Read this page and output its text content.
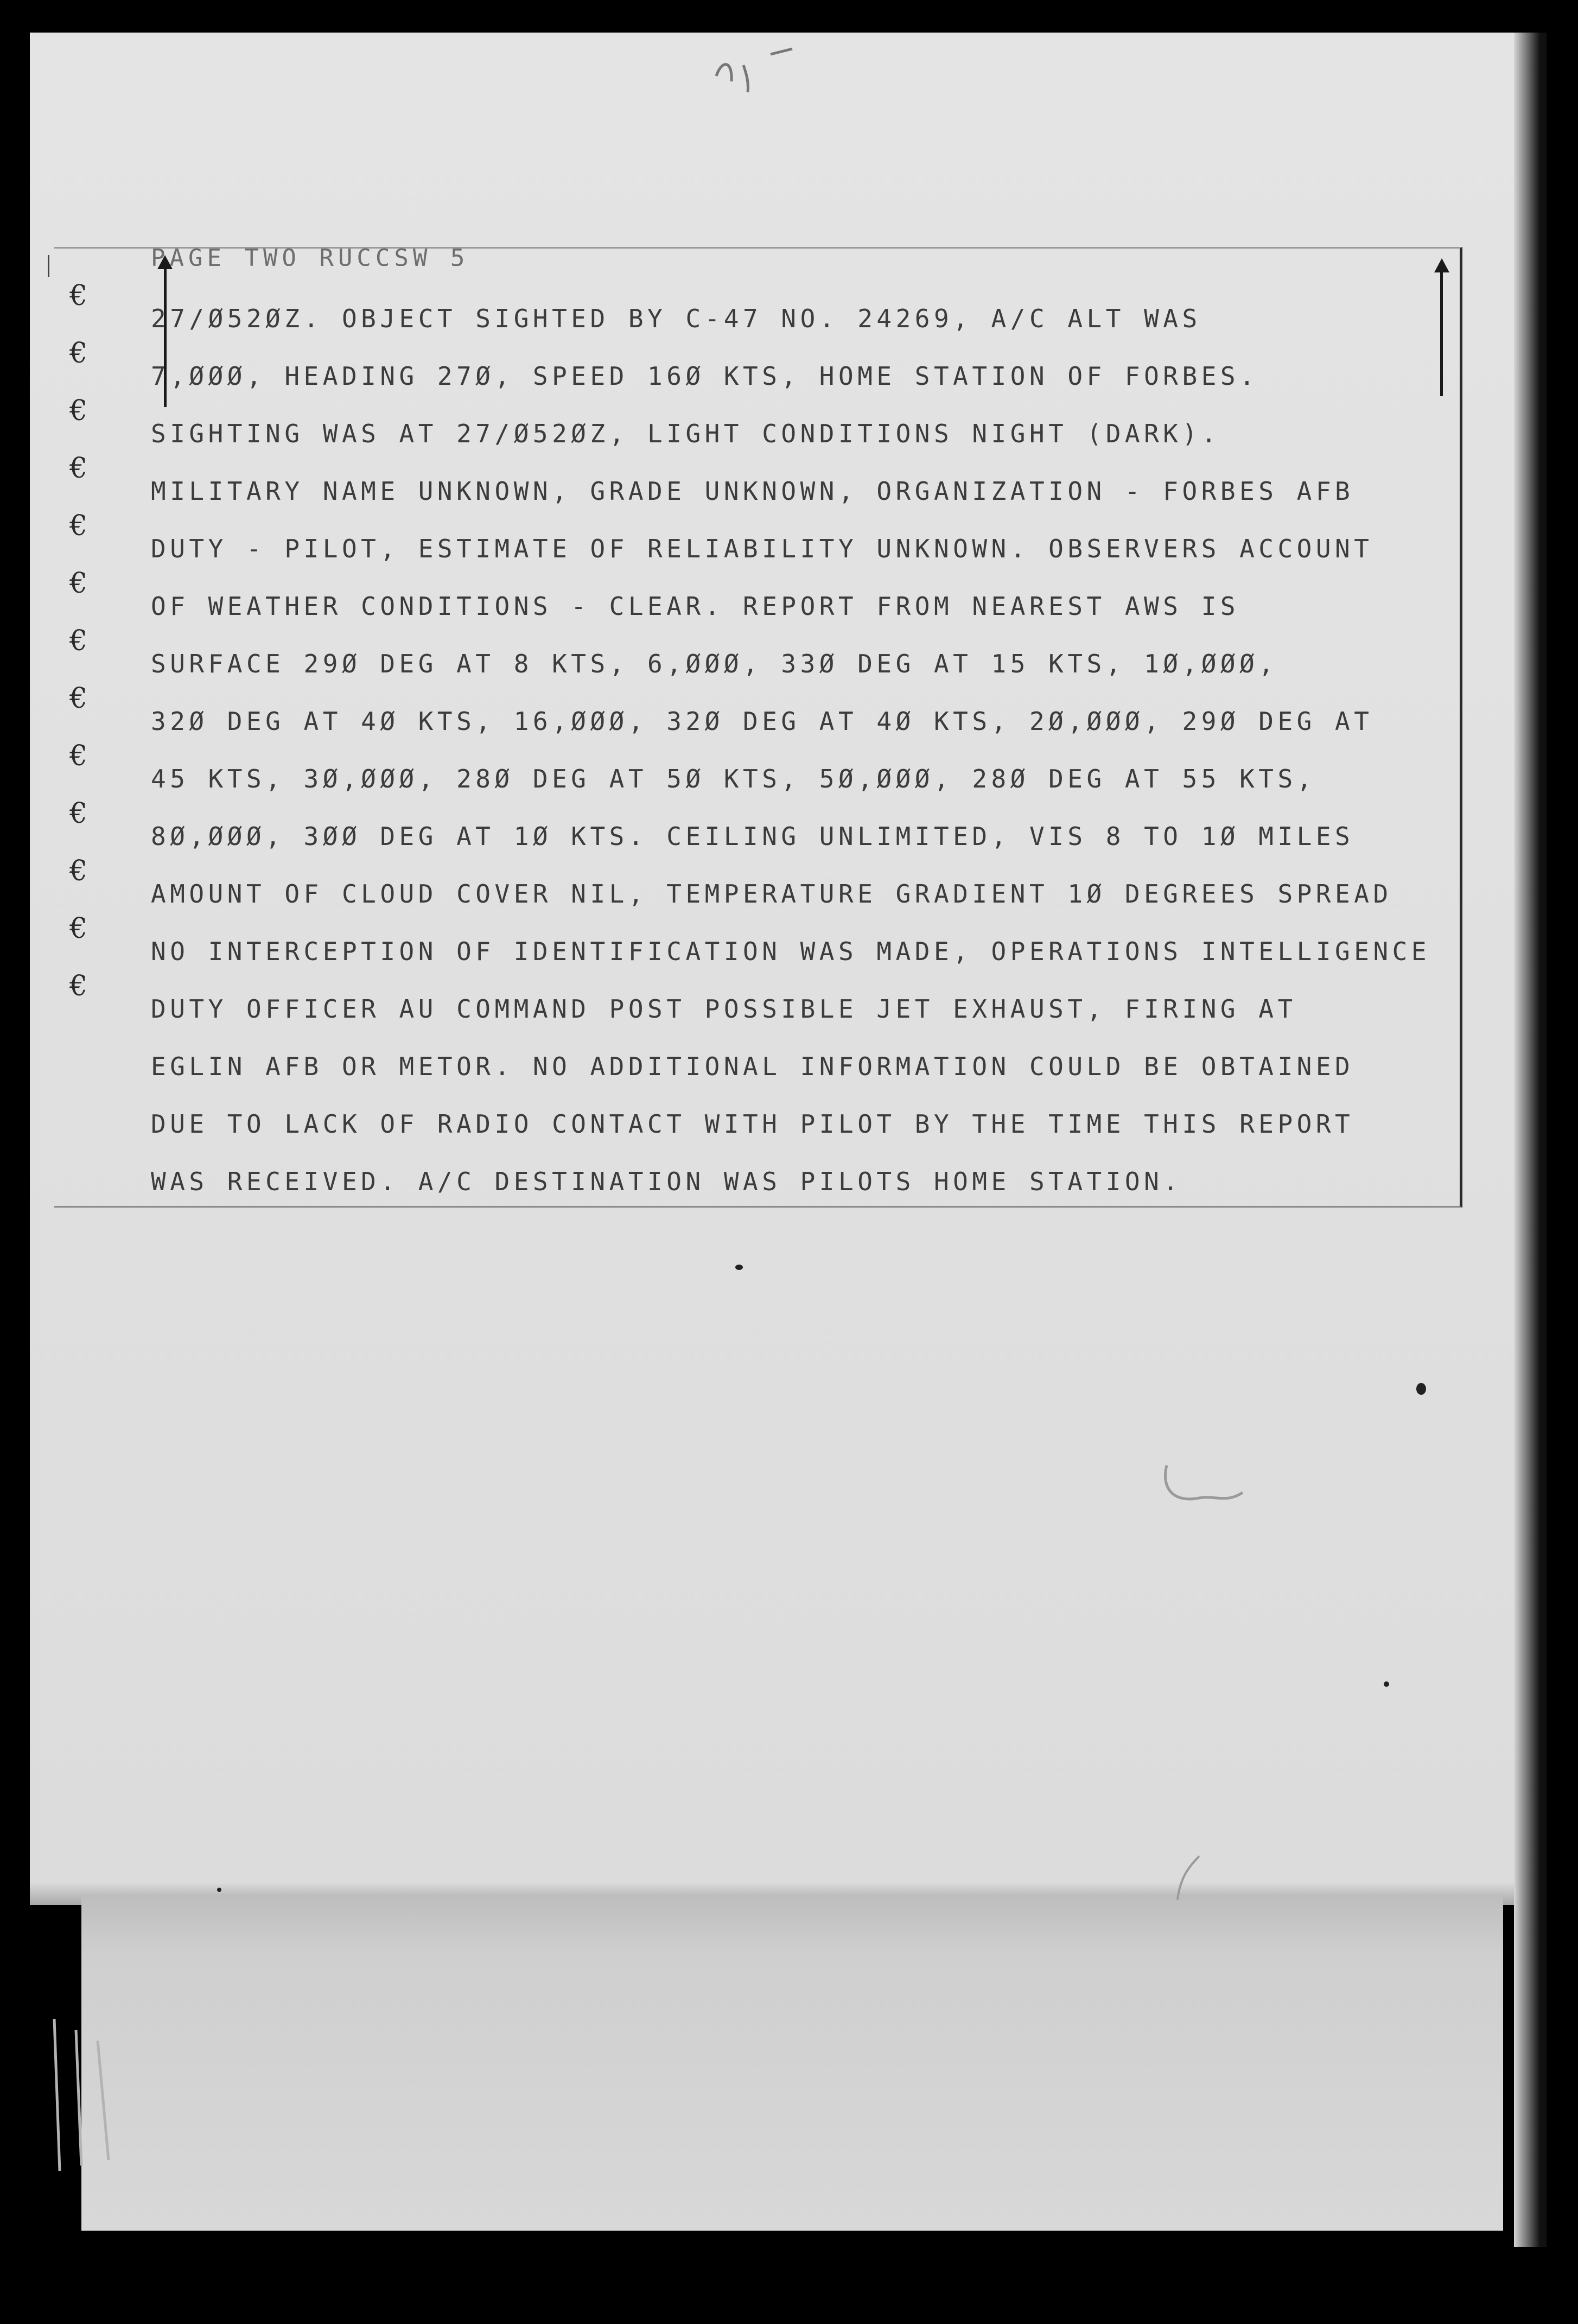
PAGE TWO RUCCSW 5
€
€
€
€
€
€
€
€
€
€
€
€
€
27/Ø52ØZ. OBJECT SIGHTED BY C-47 NO. 24269, A/C ALT WAS
7,ØØØ, HEADING 27Ø, SPEED 16Ø KTS, HOME STATION OF FORBES.
SIGHTING WAS AT 27/Ø52ØZ, LIGHT CONDITIONS NIGHT (DARK).
MILITARY NAME UNKNOWN, GRADE UNKNOWN, ORGANIZATION - FORBES AFB
DUTY - PILOT, ESTIMATE OF RELIABILITY UNKNOWN. OBSERVERS ACCOUNT
OF WEATHER CONDITIONS - CLEAR. REPORT FROM NEAREST AWS IS
SURFACE 29Ø DEG AT 8 KTS, 6,ØØØ, 33Ø DEG AT 15 KTS, 1Ø,ØØØ,
32Ø DEG AT 4Ø KTS, 16,ØØØ, 32Ø DEG AT 4Ø KTS, 2Ø,ØØØ, 29Ø DEG AT
45 KTS, 3Ø,ØØØ, 28Ø DEG AT 5Ø KTS, 5Ø,ØØØ, 28Ø DEG AT 55 KTS,
8Ø,ØØØ, 3ØØ DEG AT 1Ø KTS. CEILING UNLIMITED, VIS 8 TO 1Ø MILES
AMOUNT OF CLOUD COVER NIL, TEMPERATURE GRADIENT 1Ø DEGREES SPREAD
NO INTERCEPTION OF IDENTIFICATION WAS MADE, OPERATIONS INTELLIGENCE
DUTY OFFICER AU COMMAND POST POSSIBLE JET EXHAUST, FIRING AT
EGLIN AFB OR METOR. NO ADDITIONAL INFORMATION COULD BE OBTAINED
DUE TO LACK OF RADIO CONTACT WITH PILOT BY THE TIME THIS REPORT
WAS RECEIVED. A/C DESTINATION WAS PILOTS HOME STATION.
